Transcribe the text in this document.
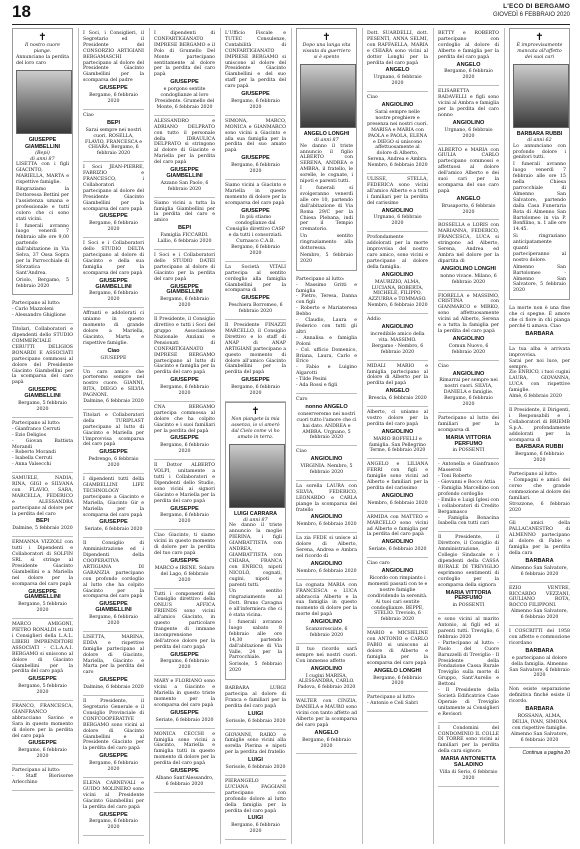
18	L'ECO DI BERGAMO
GIOVEDÌ 6 FEBBRAIO 2020
✝
Il nostro cuore piange.
Annunciano la perdita del loro caro
GIUSEPPE GIAMBELLINI
(Bepi)
di anni 87

LISETTA con i figli GIACINTO, MARIELLA, MARTA e rispettive famiglie.

Ringraziamo la Dottoressa Bettini per l'assistenza umana e professionale e tutti coloro che ci sono stati vicini.

I funerali avranno luogo venerdì 7 febbraio alle ore 9,00 partendo dall'abitazione in Via Selva, 37 Ossa Sopra per la Parrocchiale di Sforzatica Sant'Andrea.

Oriolo, Bergamo, 5 febbraio 2020

Partecipano al lutto:

- Carlo Mazzoleni

- Alessandro Ghiglione

Titolari, Collaboratori e dipendenti dello STUDIO COMMERCIALE CERUTTI DELIGIOS BONARDI E ASSOCIATI partecipano commossi al dolore del Presidente Giacinto Giambellini per la scomparsa del caro papà

GIUSEPPE GIAMBELLINI
Bergamo, 5 febbraio 2020

Partecipano al lutto:

- Gianfranco Cerruti

- Ezio Deligios

- Giovan Battista Morandi

- Roberto Morandi

- Isabella Cerruti

- Anna Valsecchi

SAMUELE, NADIA, RINA, GIGI e SILVANA con FLAVIO, SARA, MARCELLA, FEDERICO e ALESSANDRA partecipano al dolore per la perdita del caro

BEPI
Dalmine, 5 febbraio 2020

ERMANNA VIZZOLI con tutti i Dipendenti e Collaboratori di SOLFIN SRL si stringe al Presidente Giacinto Giambellini e a Mariella nel dolore per la scomparsa del caro papà

GIUSEPPE GIAMBELLINI
Bergamo, 5 febbraio 2020

MARCO AMIGONI, PIETRO RONALDI e tutti i Consiglieri della L.A.L. LIBERI IMPRENDITORI ASSOCIATI - C.L.A.A.I. BERGAMO si uniscono al dolore di Giacinto Giambellini per la perdita del caro papà

GIUSEPPE
Bergamo, 5 febbraio 2020

FRANCO, FRANCESCA, GIANFRANCO abbracciano Savino e Sara in questo momento di dolore per la perdita del caro papà

GIUSEPPE
Bergamo, 6 febbraio 2020

Partecipano al lutto:

- Staff Biorisorse Arlecchino

I Soci, i Consiglieri, il Segretario ed il Presidente del CONSORZIO ARTIGIANI BERGAMASCHI partecipano al dolore del Presidente Giacinto Giambellini per la scomparsa del padre

GIUSEPPE
Bergamo, 6 febbraio 2020

Ciao

BEPI
Sarai sempre nei nostri cuori. ROSELLA, FLAVIO, FRANCESCA e CHIARA. Bergamo, 6 febbraio 2020

I Soci JEAN-PIERRE, FABRIZIO e FRANCESCO, i Collaboratori partecipano al dolore del Presidente Giacinto Giambellini per la scomparsa del caro papà

GIUSEPPE
Bergamo, 6 febbraio 2020

I Soci e i Collaboratori dello STUDIO DELTA partecipano al dolore di Giacinto e della sua famiglia per la scomparsa del caro papà

GIUSEPPE GIAMBELLINI
Bergamo, 6 febbraio 2020

Affranti e addolorati ci uniamo in questo momento di grande dolore a Mariella, Giacinto, Marta e rispettive famiglie.

Ciao
GIUSEPPE

Un caro amico che porteremo sempre nel nostro cuore. GIANNI, RITA, DIEGO e SILVIA PAGNONI.

Dalmine, 6 febbraio 2020

Titolari e Collaboratori della TURIPLAST partecipano al lutto di Giacinto e Mariella per l'improvvisa scomparsa del caro papà

GIUSEPPE
Pedrengo, 6 febbraio 2020

I dipendenti tutti della GIAMBELLINI LIFE TECHNOLOGY partecipano a Giacinto e Mariella, Giacinto Gir e Mariella per la scomparsa del caro papà

GIUSEPPE
Seriate, 6 febbraio 2020

Il Consiglio di Amministrazione ed i Dipendenti della COOPERATIVA ARTIGIANA DI GARANZIA partecipano con profondo cordoglio al lutto che ha colpito Giacinto per la scomparsa del caro papà

GIUSEPPE GIAMBELLINI
Bergamo, 6 febbraio 2020

LISETTA, MARINA, EDDA e rispettive famiglie partecipano al dolore di Giacinto, Mariella, Giacinto e Marta per la perdita del caro

GIUSEPPE
Dalmine, 6 febbraio 2020

Il Presidente, il Segretario Generale e il Consiglio Provinciale di CONFCOOPERATIVE BERGAMO sono vicini al dolore di Giacinto Giambellini e al Presidente Giacinto per la perdita del caro papà

GIUSEPPE
Bergamo, 6 febbraio 2020

ELENA CARNEVALI e GUIDO MOLINERO sono vicini al Presidente Giacinto Giambellini per la perdita del caro papà

GIUSEPPE
Bergamo, 6 febbraio 2020

I dipendenti di CONFARTIGIANATO IMPRESE BERGAMO e il Polo di Grumello Del Monte partecipano sentitamente al dolore per la perdita del caro papà

GIUSEPPE
e porgono sentite condoglianze al loro Presidente. Grumello del Monte, 6 febbraio 2020

ALESSANDRO e ADRIANO DELPRATO con tutto il personale della IDRAULICA DELPRATO si stringono al dolore di Giacinto e Mariella per la perdita del caro papà

GIUSEPPE GIAMBELLINI
Azzano San Paolo, 6 febbraio 2020

Siamo vicini a tutta la famiglia Giambellini per la perdita del caro e amico

BEPI
Famiglia FICCARDI. Lallio, 6 febbraio 2020

I Soci e i Collaboratori dello STUDIO DATEI partecipano al dolore di Giacinto per la perdita del caro papà

GIUSEPPE GIAMBELLINI
Bergamo, 6 febbraio 2020

Il Presidente, il Consiglio direttivo e tutti i Soci del gruppo Associazione Nazionale Anziani e Pensionati di CONFARTIGIANATO IMPRESE BERGAMO partecipano al lutto di Giacinto e famiglia per la perdita del caro papà

GIUSEPPE
Bergamo, 6 febbraio 2020

CNA BERGAMO partecipa commossa al dolore che ha colpito Giacinto e i suoi familiari per la perdita del papà

GIUSEPPE
Bergamo, 6 febbraio 2020

Il Dottor ALBERTO VOLPI, unitamente a tutti i Collaboratori e Dipendenti dello Studio, sono vicini ai signori Giacinto e Mariella per la perdita del caro papà

GIUSEPPE
Bergamo, 6 febbraio 2020

Ciao Giacinto, ti siamo vicini in questo momento di dolore per la perdita del tuo caro papà

GIUSEPPE
MARCO e IRENE. Solaro del Lago, 6 febbraio 2020

Tutti i componenti del Consiglio direttivo della ONLUS AFFICA FRIENDS sono vicini all'amico Giacinto, in questo particolare frangente di immane incomprensione dell'atroce dolore per la perdita del caro papà

GIUSEPPE
Bergamo, 6 febbraio 2020

MARY e FLORIANO sono vicini a Giacinto e Mariella in questo triste momento per la scomparsa del caro papà

GIUSEPPE
Seriate, 6 febbraio 2020

MONICA CECCHI e famiglia sono vicini a Giacinto, Mariella e famiglia tutti in questo momento di dolore per la perdita del caro papà

GIUSEPPE
Albano Sant'Alessandro, 6 febbraio 2020

L'Ufficio Fiscale e TUTEC Consulenze, Contabilità di CONFARTIGIANATO IMPRESE BERGAMO si uniscono al dolore del Presidente Giacinto Giambellini e del suo staff per la perdita del caro papà

GIUSEPPE
Bergamo, 6 febbraio 2020

SIMONA, MARCO, MONICA e GIANMARCO sono vicini a Giacinto e alla sua famiglia per la perdita del suo amato papà

GIUSEPPE
Bergamo, 6 febbraio 2020

Siamo vicini a Giacinto e Mariella in questo momento di dolore per la scomparsa del caro papà

GIUSEPPE
In più stiamo condoglianze dal Consiglio direttivo CASP e da tutti i consorziati. Curnasco C.A.B. Bergamo, 6 febbraio 2020

La Società VITALI partecipa al sentito cordoglio alla famiglia Giambellini per la scomparsa di

GIUSEPPE
Peschiera Borromeo, 6 febbraio 2020

Il Presidente FINAZZI MARCELLO, il Consiglio Direttivo e lo staff di ANAP di ANAP ARTIGIANI partecipano a questo momento di dolore all'amico Giacinto Giambellini per la perdita del papà

GIUSEPPE
Bergamo, 6 febbraio 2020
✝
Non piangete la mia assenza, io vi amerò dal Cielo come vi ho amato in terra.
LUIGI CARRARA
di anni 87

Ne danno il triste annuncio la moglie PIERINA, i figli GIAMBATTISTA con ANDREA, GIAMBATTISTA con CHIARA, FRANCA con ENRICO, nipoti NICOLÒ, cognati, cugini, nipoti e parenti tutti.

Un sentito ringraziamento al Dott. Bruno Cavagna e all'infermiera che ci è stata vicina.

I funerali avranno luogo sabato 8 febbraio alle ore 14,30 partendo dall'abitazione di Via Valle, 24 per la Parrocchiale.

Sorisole, 5 febbraio 2020

BARBARA LURGI partecipa al dolore di Franca e familiari per la perdita del caro papà

LUIGI
Sorisole, 6 febbraio 2020

GIOVANNI, RAIKO e famiglie sono vicini alla sorella Pierina e nipoti per la perdita del fratello

LUIGI
Sorisole, 6 febbraio 2020

PIERANGELO e LUCIANA FAGGIANI partecipano con profondo dolore al lutto della famiglia per la perdita del caro papà

LUIGI
Bergamo, 6 febbraio 2020
✝
Dopo una lunga vita vissuta da guerriero si è spento
ANGELO LONGHI
di anni 87

Ne danno il triste annuncio il figlio ALBERTO con SERENA, ANDREA e AMBRA, il fratello, le sorelle, le cognate, i nipoti e parenti tutti.

I funerali si svolgeranno venerdì alle ore 10, partendo dall'abitazione di Via Roma 29/C per la Chiesa Plebana, indi per il Tempio crematorio.

Un sentito ringraziamento alla dottoressa.

Nembro, 5 febbraio 2020

Partecipano al lutto:

- Massimo Gritti e famiglia

- Pietro, Teresa, Danna con figli

- Roberto e Mariateresa Bebbo

- Claudio, Laura e Federico con tutti gli altri

- Annalisa e famiglia Poloni

- Col. ufficio Domenico, Briana, Laura, Carlo e Erico

- Fabio e Luigino Algarotti

- Tilde Pesini

- Ada Rossi e figli

Caro

nonno ANGELO
conserveremo nei nostri cuori tutto l'amore che ci hai dato. ANDREA e AMBRA. Urgnano, 5 febbraio 2020

Ciao

ANGIOLINO
VIRGINIA. Nembro, 5 febbraio 2020

La sorella LAURA con SILVIA, FEDERICO, LEONARDO e CARLA piange la scomparsa del fratello

ANGIOLINO
Nembro, 6 febbraio 2020

La zia FEDE si unisce al dolore di Alberto, Serena, Andrea e Ambra nel ricordo di

ANGIOLINO
Nembro, 6 febbraio 2020

La cognata MARIA con FRANCESCA e LUCA abbraccia Alberto e la sua famiglia in questo momento di dolore per la morte del papà

ANGIOLINO
Scanzorosciate, 6 febbraio 2020

Il tuo ricordo sarà sempre nei nostri cuori. Con immenso affetto

ANGIOLINO
I cugini MARISA, ALESSANDRA, CARLO. Padova, 6 febbraio 2020

WALTER con CINZIA, DANIELA e MAURO sono vicini con tanto affetto ad Alberto per la scomparsa del caro papà

ANGELO
Bergamo, 6 febbraio 2020

Dott. SUARDELLI, dott. PESENTI, ANNA SELMI, con RAFFAELLA, MARIA e CHIARA sono vicini al dottor Longhi per la perdita del caro papà

ANGELO
Urgnano, 6 febbraio 2020

Ciao

ANGIOLINO
Sarai sempre nelle nostre preghiere e presenza nei nostri cuori. MARISA e MARIA con PAOLA e PAOLA, ELENA e DIEGO si uniscono affettuosamente al dolore di Alberto, Serena, Andrea e Ambra. Nembro, 6 febbraio 2020

ULISSE, STELLA, FEDERICA sono vicini all'amico Alberto e a tutti i familiari per la perdita del carissimo

ANGIOLINO
Urgnano, 6 febbraio 2020

Profondamente addolorati per la morte improvvisa del nostro caro amico, sono vicini e partecipano al dolore della famiglia.

ANGIOLINO
MAURIZIO, ALMA, LUCIANA, ROBERTA, MICHELE, FILIPPO, AZZURRA e TOMMASO. Nembro, 6 febbraio 2020

Addio

ANGIOLINO
incredibile amico della vita. MASSIMO. Bergamo - Nembro, 6 febbraio 2020

MIDALI MARIO e famiglia partecipano al dolore di Alberto per la perdita del papà

ANGELO
Brescia, 6 febbraio 2020

Alberto, ci uniamo al vostro dolore per la perdita del caro papà

ANGIOLINO
MARIO BOFFELLI e famiglia. San Pellegrino Terme, 6 febbraio 2020

ANGELO e LILIANA FERRI con figli e famiglie sono vicini ad Alberto e familiari per la perdita del carissimo

ANGIOLINO
Nembro, 6 febbraio 2020

ARMIDA con MATTEO e MARCELLO sono vicini ad Alberto e famiglia per la perdita del caro papà

ANGIOLINO
Seriate, 6 febbraio 2020

Ciao caro

ANGIOLINO
Ricordo con rimpianto i momenti passati con te e nostre famiglie condividendo la serenità. Ai tuoi cari sentite condoglianze. BEPPE, STELIO. Treviolo, 6 febbraio 2020

MARIO e MICHELINE con ANTONIO e CARLO FABIO si uniscono al dolore di Alberto e famiglia per la scomparsa del caro papà

ANGELO LONGHI
Bergamo, 6 febbraio 2020

Partecipano al lutto:

- Antonio e Celi Sabri

BETTY e ROBERTO partecipano con cordoglio al dolore di Alberto e famiglia per la perdita del caro papà

ANGELO
Bergamo, 6 febbraio 2020

ELISABETTA RADAVELLI e figli sono vicini al Ambra e famiglia per la perdita del caro nonno

ANGIOLINO
Urgnano, 6 febbraio 2020

ALBERTO e MARIA con GIULIA CARLO partecipano commossi e affettuosi al dolore dell'amico Alberto e dei suoi cari per la scomparsa del suo caro papà

ANGELO
Brusaporto, 6 febbraio 2020

ROSSELLA e LORIS con MARIANNA, FEDERICO, FRANCESCA, LUCA si stringono ad Alberto, Serena, Andrea ed Ambra nel dolore per la dipartita di

ANGIOLINO LONGHI
nonno vivace. Milano, 6 febbraio 2020

FIORELLA e MASSIMO, CRISTINA con GIANMARCO e MIRKO, sono affettuosamente vicini ad Alberto, Serena e a tutta la famiglia per la perdita del caro papà

ANGIOLINO
Comun Nuovo, 6 febbraio 2020

Ciao

ANGIOLINO
Rimarrai per sempre nei nostri cuori. SILVIA, DANIELA e famiglie. Bergamo, 6 febbraio 2020

Partecipano al lutto dei familiari per la scomparsa di

MARIA VITTORIA PERFUMO
in POSSENTI

- Antonella e Gianfranco Masseroli

- Toni Roberto

- Giovanni e Rocco Attia

- Famiglia Marcellino con profondo cordoglio

- Emilio e Luigi Iglesi con i collaboratori di Credito Bergamasco

- Famiglia Bonacina Isabella con tutti cari

Il Presidente, il Direttore, il Consiglio di Amministrazione, il Collegio Sindacale e i dipendenti della CASSA RURALE DI TREVIGLIO esprimono sentimenti di cordoglio per la scomparsa della signora

MARIA VITTORIA PERFUMO
in POSSENTI

e sono vicini al marito Antonio, ai figli ed ai parenti tutti. Treviglio, 6 febbraio 2020

- Partecipano al lutto: - Paolo del Cuore Baruzzelli di Treviglio - Il Presidente della Fondazione Cassa Rurale Treviglio sulla morte di Gruppo, Sant'Aurelio e Bettoni

- Il Presidente della Società Edificatrice Case Operaie di Treviglio unitamente ai Consiglieri e Revisori

I Condomini del CONDOMINIO IL COLLE DI TORRE sono vicini ai familiari per la perdita della cara signora

MARIA ANTONIETTA SALADINO
Villa di Serio, 6 febbraio 2020
✝
È improvvisamente mancata all'affetto dei suoi cari
BARBARA RUBBI
di anni 62

Lo annunciano con profondo dolore i genitori tutti.

I funerali avranno luogo venerdì 7 febbraio alle ore 15 nella Chiesa parrocchiale di Almenno San Salvatore, partendo dalla Casa Funeraria Rota di Almenno San Bartolomeo in via P. Bonfilino, n. 1 alle ore 14.45.

Si ringraziano anticipatamente quanti parteciperanno al nostro dolore.

Almenno San Bartolomeo - Almenno San Salvatore, 5 febbraio 2020

La morte non è una fine che ci spegne. È amore che ci fiore in chi pianga perché ti amava. Ciao

BARBARA

La tua alba è arrivata improvvisa.

Sarai per noi luce, per sempre.

Zio ENRICO, i tuoi cugini LAURA, GIOVANNA, LUCA con rispettive famiglie.

Almè, 6 febbraio 2020

Il Presidente, il Dirigenti, i Responsabili e i Collaboratori di BRIEMB S.p.A. profondamente addolorati per la scomparsa di

BARBARA RUBBI
Bergamo, 6 febbraio 2020

Partecipano al lutto:

- Compagni e amici del corso che grande commozione al dolore dei familiari.

Strozzone, 6 febbraio 2020

Gli amici della PALLACANESTRO di ALMENNO partecipano al dolore di Fabio e famiglia per la perdita della cara

BARBARA
Almenno San Salvatore, 6 febbraio 2020

EZIO VENTRE, RICCARDO VEZZANI, GIULIANO ROTA, ROCCO FILIPPONI.

Almenno San Salvatore, 6 febbraio 2020

I COSCRITTI del 1958 con affetto e commozione ricordano

BARBARA
e partecipano al dolore della famiglia. Almenno San Salvatore, 6 febbraio 2020

Non esiste separazione definitiva finché esiste il ricordo.

BARBARA
ROSSANA, ALMA, DELIA, IVAN, SIMONA con rispettive famiglie. Almenno San Salvatore, 6 febbraio 2020
Continua a pagina 20
